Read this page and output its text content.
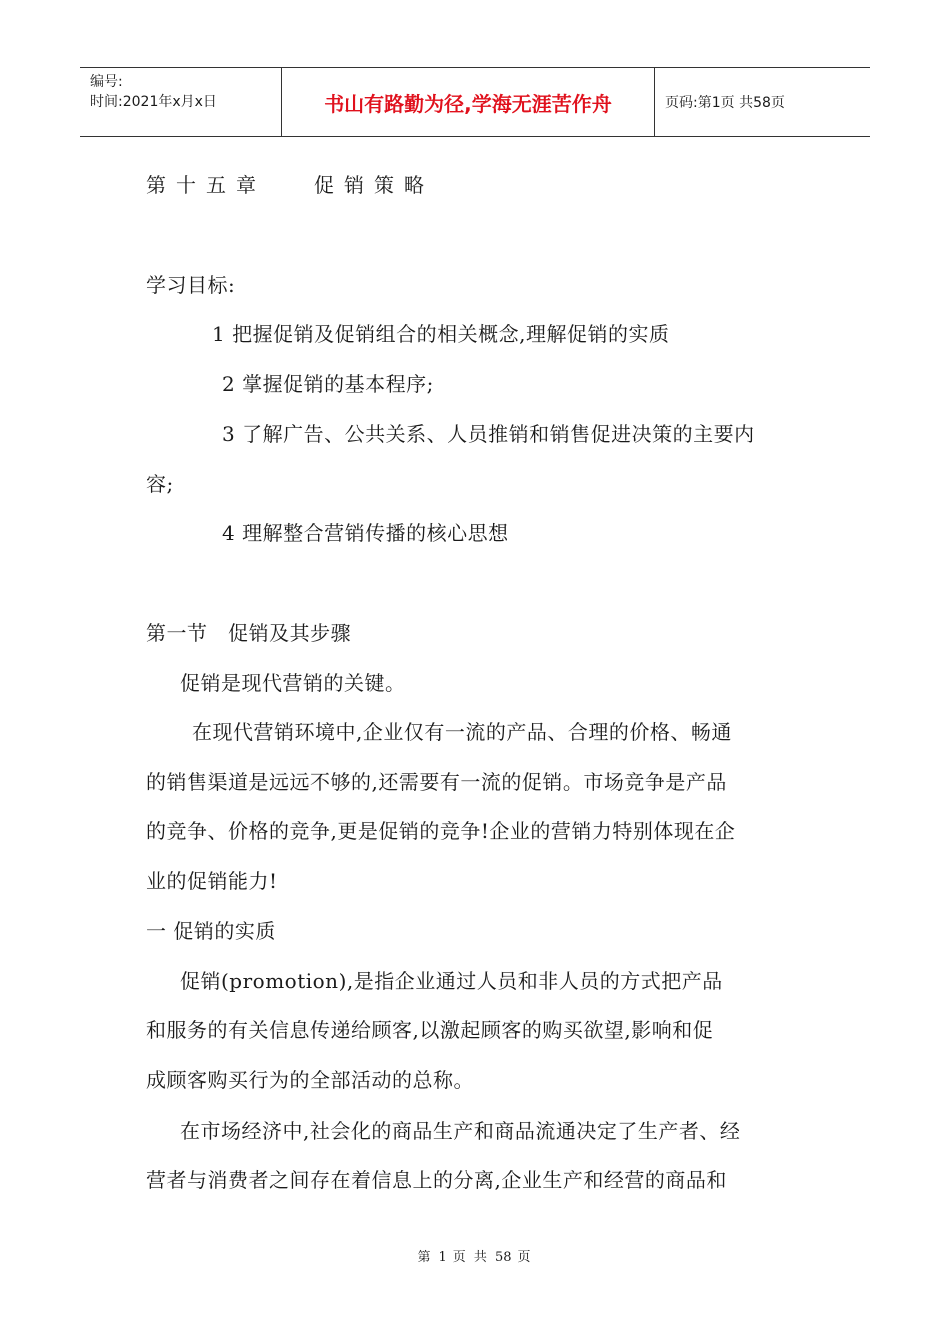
编号:
时间:2021年x月x日	书山有路勤为径,学海无涯苦作舟	页码:第1页 共58页
第十五章 促销策略
学习目标:
1 把握促销及促销组合的相关概念,理解促销的实质
2 掌握促销的基本程序;
3 了解广告、公共关系、人员推销和销售促进决策的主要内
容;
4 理解整合营销传播的核心思想
第一节   促销及其步骤
促销是现代营销的关键。
在现代营销环境中,企业仅有一流的产品、合理的价格、畅通
的销售渠道是远远不够的,还需要有一流的促销。市场竞争是产品
的竞争、价格的竞争,更是促销的竞争!企业的营销力特别体现在企
业的促销能力!
一 促销的实质
促销(promotion),是指企业通过人员和非人员的方式把产品
和服务的有关信息传递给顾客,以激起顾客的购买欲望,影响和促
成顾客购买行为的全部活动的总称。
在市场经济中,社会化的商品生产和商品流通决定了生产者、经
营者与消费者之间存在着信息上的分离,企业生产和经营的商品和
第 1 页 共 58 页
